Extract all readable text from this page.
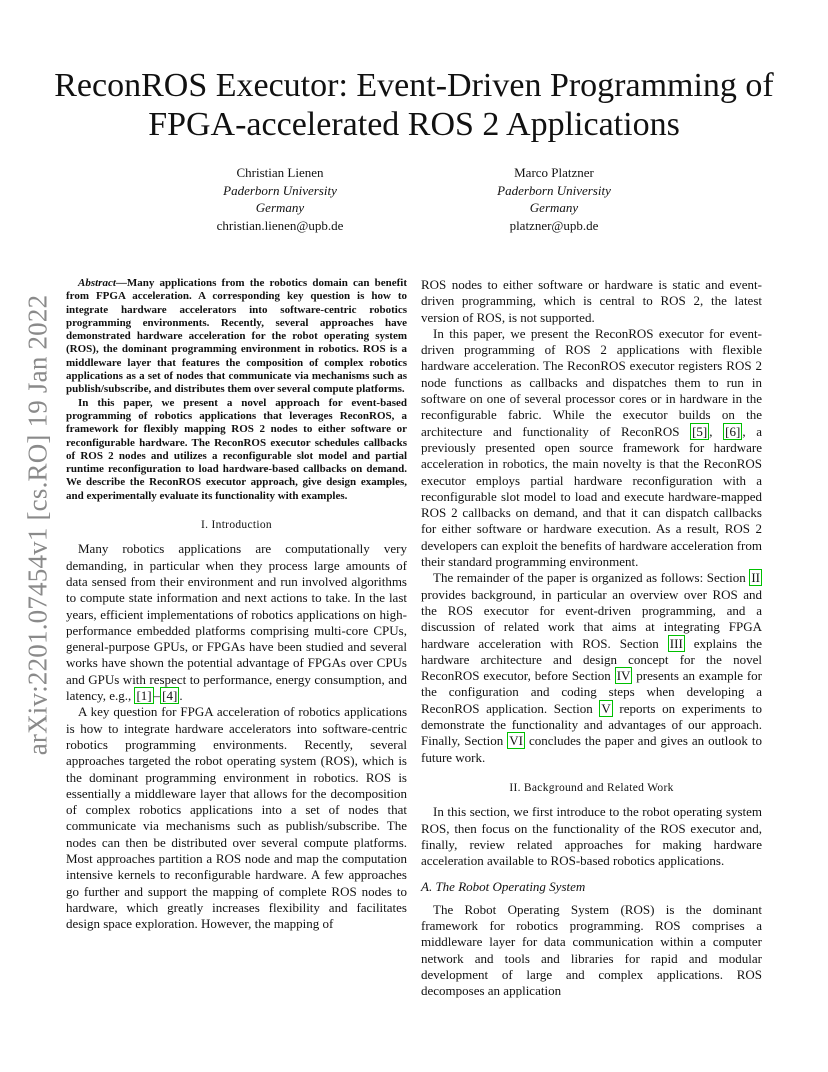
arXiv:2201.07454v1 [cs.RO] 19 Jan 2022
ReconROS Executor: Event-Driven Programming of
FPGA-accelerated ROS 2 Applications
Christian Lienen
Paderborn University
Germany
christian.lienen@upb.de
Marco Platzner
Paderborn University
Germany
platzner@upb.de

Abstract—Many applications from the robotics domain can benefit from FPGA acceleration. A corresponding key question is how to integrate hardware accelerators into software-centric robotics programming environments. Recently, several approaches have demonstrated hardware acceleration for the robot operating system (ROS), the dominant programming environment in robotics. ROS is a middleware layer that features the composition of complex robotics applications as a set of nodes that communicate via mechanisms such as publish/subscribe, and distributes them over several compute platforms.

In this paper, we present a novel approach for event-based programming of robotics applications that leverages ReconROS, a framework for flexibly mapping ROS 2 nodes to either software or reconfigurable hardware. The ReconROS executor schedules callbacks of ROS 2 nodes and utilizes a reconfigurable slot model and partial runtime reconfiguration to load hardware-based callbacks on demand. We describe the ReconROS executor approach, give design examples, and experimentally evaluate its functionality with examples.

I. Introduction

Many robotics applications are computationally very demanding, in particular when they process large amounts of data sensed from their environment and run involved algorithms to compute state information and next actions to take. In the last years, efficient implementations of robotics applications on high-performance embedded platforms comprising multi-core CPUs, general-purpose GPUs, or FPGAs have been studied and several works have shown the potential advantage of FPGAs over CPUs and GPUs with respect to performance, energy consumption, and latency, e.g., [1] – [4] .

A key question for FPGA acceleration of robotics applications is how to integrate hardware accelerators into software-centric robotics programming environments. Recently, several approaches targeted the robot operating system (ROS), which is the dominant programming environment in robotics. ROS is essentially a middleware layer that allows for the decomposition of complex robotics applications into a set of nodes that communicate via mechanisms such as publish/subscribe. The nodes can then be distributed over several compute platforms. Most approaches partition a ROS node and map the computation intensive kernels to reconfigurable hardware. A few approaches go further and support the mapping of complete ROS nodes to hardware, which greatly increases flexibility and facilitates design space exploration. However, the mapping of

ROS nodes to either software or hardware is static and event-driven programming, which is central to ROS 2, the latest version of ROS, is not supported.

In this paper, we present the ReconROS executor for event-driven programming of ROS 2 applications with flexible hardware acceleration. The ReconROS executor registers ROS 2 node functions as callbacks and dispatches them to run in software on one of several processor cores or in hardware in the reconfigurable fabric. While the executor builds on the architecture and functionality of ReconROS [5] , [6] , a previously presented open source framework for hardware acceleration in robotics, the main novelty is that the ReconROS executor employs partial hardware reconfiguration with a reconfigurable slot model to load and execute hardware-mapped ROS 2 callbacks on demand, and that it can dispatch callbacks for either software or hardware execution. As a result, ROS 2 developers can exploit the benefits of hardware acceleration from their standard programming environment.

The remainder of the paper is organized as follows: Section II provides background, in particular an overview over ROS and the ROS executor for event-driven programming, and a discussion of related work that aims at integrating FPGA hardware acceleration with ROS. Section III explains the hardware architecture and design concept for the novel ReconROS executor, before Section IV presents an example for the configuration and coding steps when developing a ReconROS application. Section V reports on experiments to demonstrate the functionality and advantages of our approach. Finally, Section VI concludes the paper and gives an outlook to future work.

II. Background and Related Work

In this section, we first introduce to the robot operating system ROS, then focus on the functionality of the ROS executor and, finally, review related approaches for making hardware acceleration available to ROS-based robotics applications.

A. The Robot Operating System

The Robot Operating System (ROS) is the dominant framework for robotics programming. ROS comprises a middleware layer for data communication within a computer network and tools and libraries for rapid and modular development of large and complex applications. ROS decomposes an application
